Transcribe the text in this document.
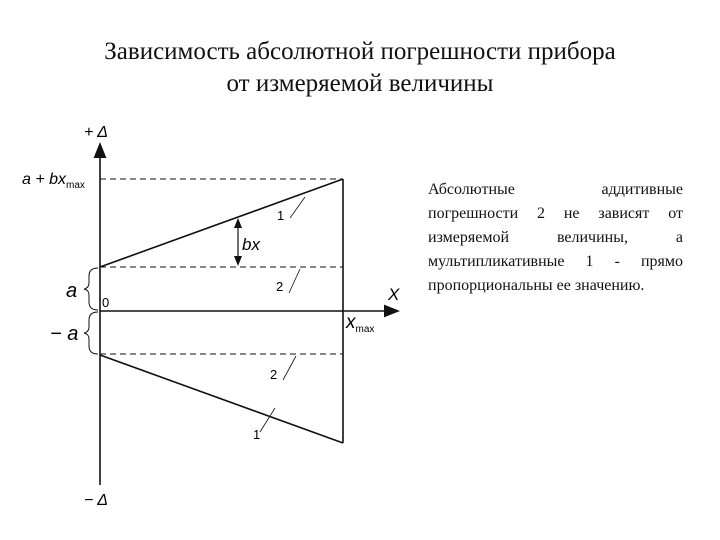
Зависимость абсолютной погрешности прибора
от измеряемой величины
+ Δ
− Δ
$a + bx_{max}$
a
− a
0	X
$x_{max}$
bx
1
2
2
1
Абсолютные аддитивные погрешности 2 не зависят от измеряемой величины, а мультипликативные 1 - прямо пропорциональны ее значению.
